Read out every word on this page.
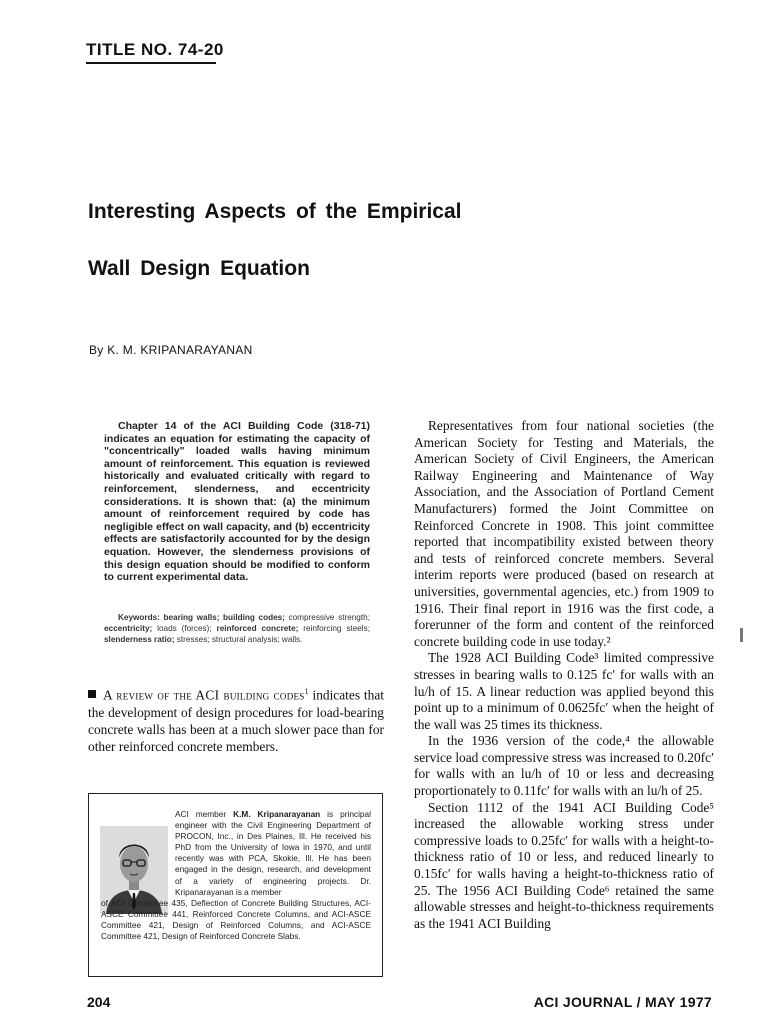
TITLE NO. 74-20
Interesting Aspects of the Empirical
Wall Design Equation
By K. M. KRIPANARAYANAN

Chapter 14 of the ACI Building Code (318-71) indicates an equation for estimating the capacity of "concentrically" loaded walls having minimum amount of reinforcement. This equation is reviewed historically and evaluated critically with regard to reinforcement, slenderness, and eccentricity considerations. It is shown that: (a) the minimum amount of reinforcement required by code has negligible effect on wall capacity, and (b) eccentricity effects are satisfactorily accounted for by the design equation. However, the slenderness provisions of this design equation should be modified to conform to current experimental data.

Keywords: bearing walls; building codes; compressive strength; eccentricity; loads (forces); reinforced concrete; reinforcing steels; slenderness ratio; stresses; structural analysis; walls.

A review of the ACI building codes$^1$ indicates that the development of design procedures for load-bearing concrete walls has been at a much slower pace than for other reinforced concrete members.

ACI member K.M. Kripanarayanan is principal engineer with the Civil Engineering Department of PROCON, Inc., in Des Plaines, Ill. He received his PhD from the University of Iowa in 1970, and until recently was with PCA, Skokie, Ill. He has been engaged in the design, research, and development of a variety of engineering projects. Dr. Kripanarayanan is a member
of ACI Committee 435, Deflection of Concrete Building Structures, ACI-ASCE Committee 441, Reinforced Concrete Columns, and ACI-ASCE Committee 421, Design of Reinforced Columns, and ACI-ASCE Committee 421, Design of Reinforced Concrete Slabs.

Representatives from four national societies (the American Society for Testing and Materials, the American Society of Civil Engineers, the American Railway Engineering and Maintenance of Way Association, and the Association of Portland Cement Manufacturers) formed the Joint Committee on Reinforced Concrete in 1908. This joint committee reported that incompatibility existed between theory and tests of reinforced concrete members. Several interim reports were produced (based on research at universities, governmental agencies, etc.) from 1909 to 1916. Their final report in 1916 was the first code, a forerunner of the form and content of the reinforced concrete building code in use today.²

The 1928 ACI Building Code³ limited compressive stresses in bearing walls to 0.125 fc′ for walls with an lu/h of 15. A linear reduction was applied beyond this point up to a minimum of 0.0625fc′ when the height of the wall was 25 times its thickness.

In the 1936 version of the code,⁴ the allowable service load compressive stress was increased to 0.20fc′ for walls with an lu/h of 10 or less and decreasing proportionately to 0.11fc′ for walls with an lu/h of 25.

Section 1112 of the 1941 ACI Building Code⁵ increased the allowable working stress under compressive loads to 0.25fc′ for walls with a height-to-thickness ratio of 10 or less, and reduced linearly to 0.15fc′ for walls having a height-to-thickness ratio of 25. The 1956 ACI Building Code⁶ retained the same allowable stresses and height-to-thickness requirements as the 1941 ACI Building

204	ACI JOURNAL / MAY 1977
